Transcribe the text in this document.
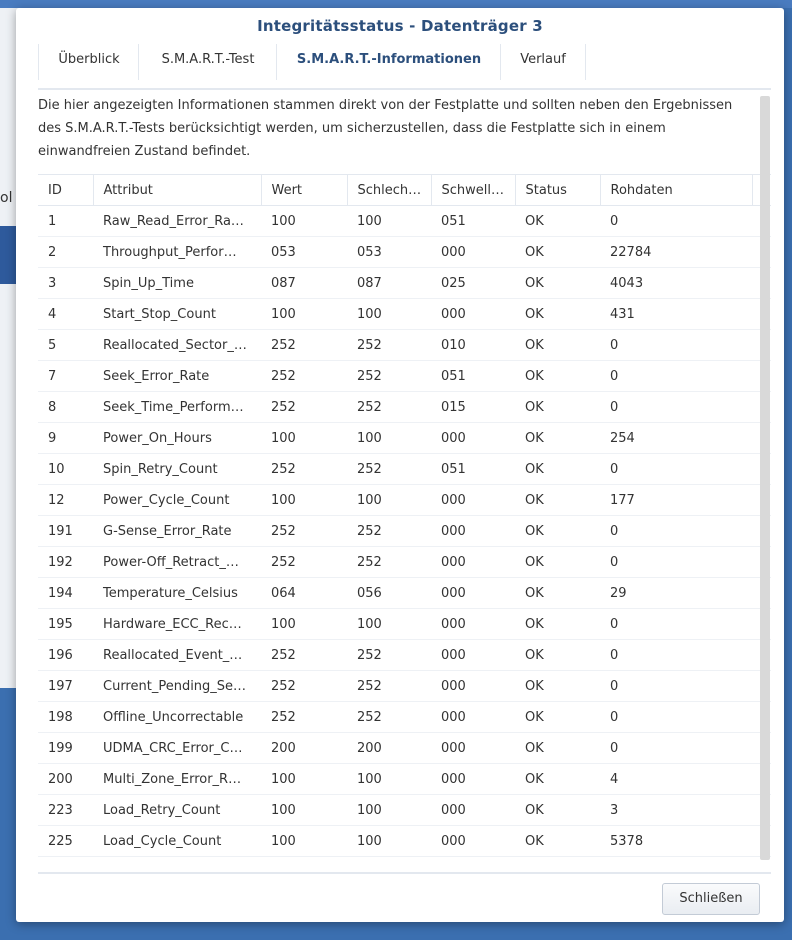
ol
Integritätsstatus - Datenträger 3
Überblick	S.M.A.R.T.-Test	S.M.A.R.T.-Informationen	Verlauf
Die hier angezeigten Informationen stammen direkt von der Festplatte und sollten neben den Ergebnissen des S.M.A.R.T.-Tests berücksichtigt werden, um sicherzustellen, dass die Festplatte sich in einem einwandfreien Zustand befindet.
ID	Attribut	Wert	Schlech…	Schwell…	Status	Rohdaten	
1	Raw_Read_Error_Ra…	100	100	051	OK	0	
2	Throughput_Perfor…	053	053	000	OK	22784	
3	Spin_Up_Time	087	087	025	OK	4043	
4	Start_Stop_Count	100	100	000	OK	431	
5	Reallocated_Sector_…	252	252	010	OK	0	
7	Seek_Error_Rate	252	252	051	OK	0	
8	Seek_Time_Perform…	252	252	015	OK	0	
9	Power_On_Hours	100	100	000	OK	254	
10	Spin_Retry_Count	252	252	051	OK	0	
12	Power_Cycle_Count	100	100	000	OK	177	
191	G-Sense_Error_Rate	252	252	000	OK	0	
192	Power-Off_Retract_…	252	252	000	OK	0	
194	Temperature_Celsius	064	056	000	OK	29	
195	Hardware_ECC_Rec…	100	100	000	OK	0	
196	Reallocated_Event_…	252	252	000	OK	0	
197	Current_Pending_Se…	252	252	000	OK	0	
198	Offline_Uncorrectable	252	252	000	OK	0	
199	UDMA_CRC_Error_C…	200	200	000	OK	0	
200	Multi_Zone_Error_R…	100	100	000	OK	4	
223	Load_Retry_Count	100	100	000	OK	3	
225	Load_Cycle_Count	100	100	000	OK	5378	
Schließen
